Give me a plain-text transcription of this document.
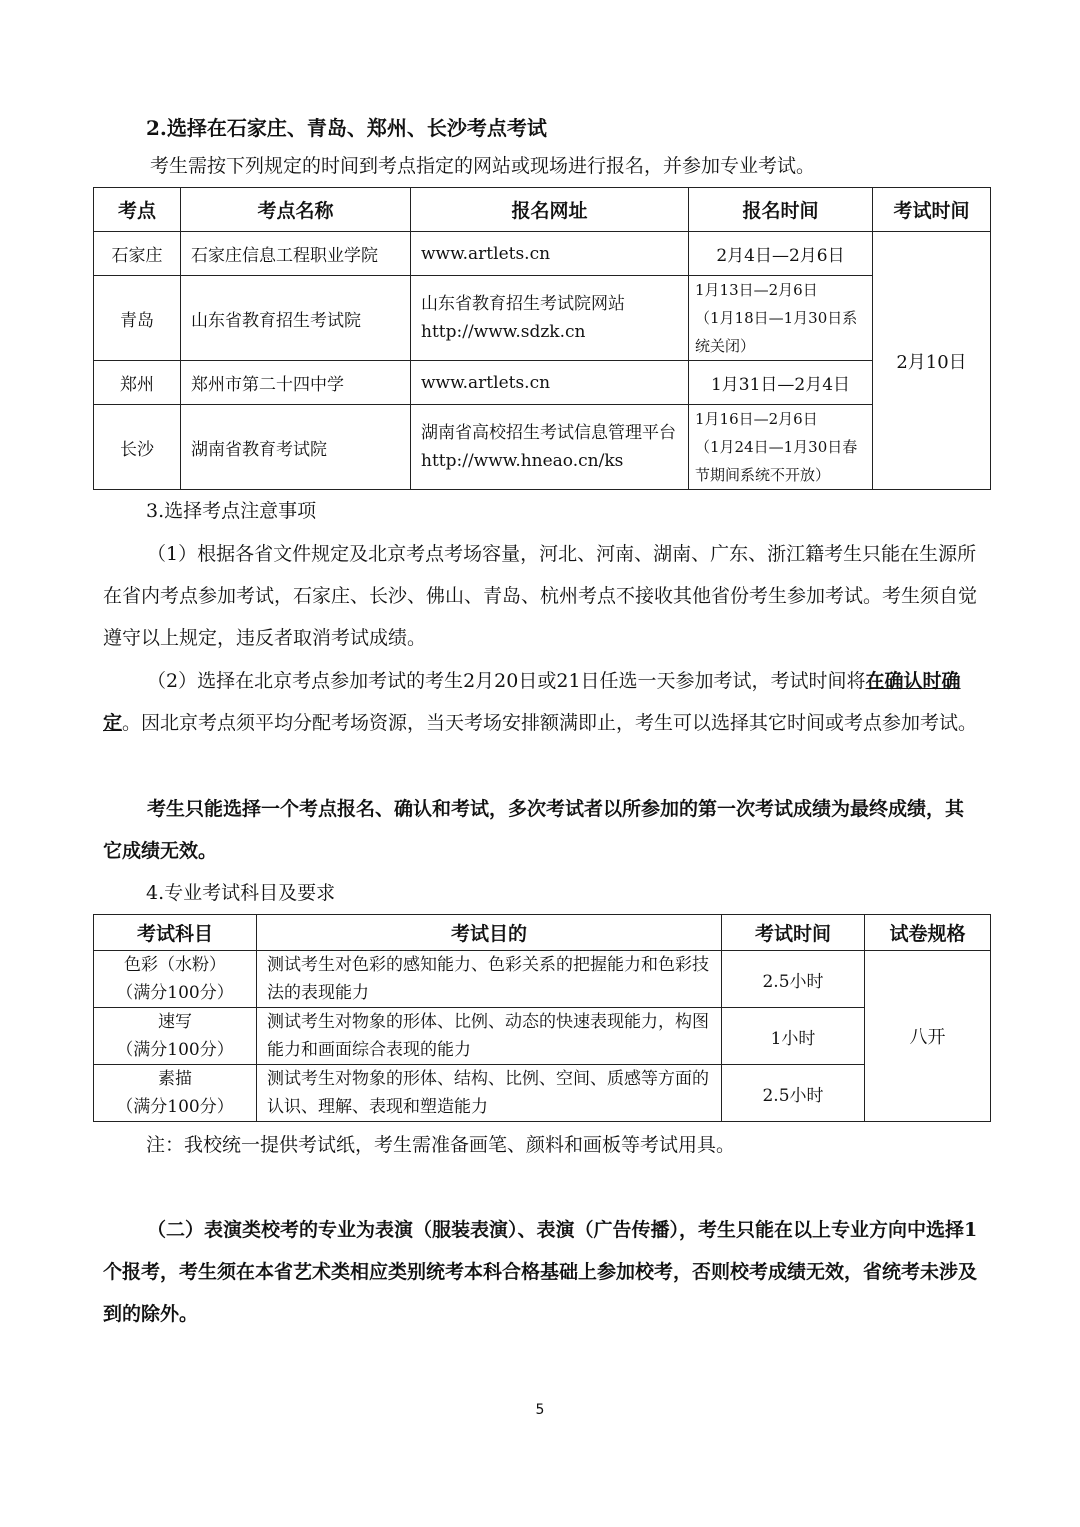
2.选择在石家庄、青岛、郑州、长沙考点考试
考生需按下列规定的时间到考点指定的网站或现场进行报名，并参加专业考试。
考点	考点名称	报名网址	报名时间	考试时间
石家庄	石家庄信息工程职业学院	www.artlets.cn	2月4日—2月6日	2月10日
青岛	山东省教育招生考试院	山东省教育招生考试院网站 http://www.sdzk.cn	1月13日—2月6日
（1月18日—1月30日系统关闭）	

郑州	郑州市第二十四中学	www.artlets.cn	1月31日—2月4日	
长沙	湖南省教育考试院	湖南省高校招生考试信息管理平台 http://www.hneao.cn/ks	1月16日—2月6日
（1月24日—1月30日春节期间系统不开放）	
3.选择考点注意事项
（1）根据各省文件规定及北京考点考场容量，河北、河南、湖南、广东、浙江籍考生只能在生源所在省内考点参加考试，石家庄、长沙、佛山、青岛、杭州考点不接收其他省份考生参加考试。考生须自觉遵守以上规定，违反者取消考试成绩。
（2）选择在北京考点参加考试的考生2月20日或21日任选一天参加考试，考试时间将在确认时确定。因北京考点须平均分配考场资源，当天考场安排额满即止，考生可以选择其它时间或考点参加考试。
考生只能选择一个考点报名、确认和考试，多次考试者以所参加的第一次考试成绩为最终成绩，其它成绩无效。
4.专业考试科目及要求
考试科目	考试目的	考试时间	试卷规格

色彩（水粉）
（满分100分）	测试考生对色彩的感知能力、色彩关系的把握能力和色彩技法的表现能力	2.5小时	八开

速写
（满分100分）	测试考生对物象的形体、比例、动态的快速表现能力，构图能力和画面综合表现的能力	1小时	

素描
（满分100分）	测试考生对物象的形体、结构、比例、空间、质感等方面的认识、理解、表现和塑造能力	2.5小时	
注：我校统一提供考试纸，考生需准备画笔、颜料和画板等考试用具。
（二）表演类校考的专业为表演（服装表演）、表演（广告传播），考生只能在以上专业方向中选择1个报考，考生须在本省艺术类相应类别统考本科合格基础上参加校考，否则校考成绩无效，省统考未涉及到的除外。
5
